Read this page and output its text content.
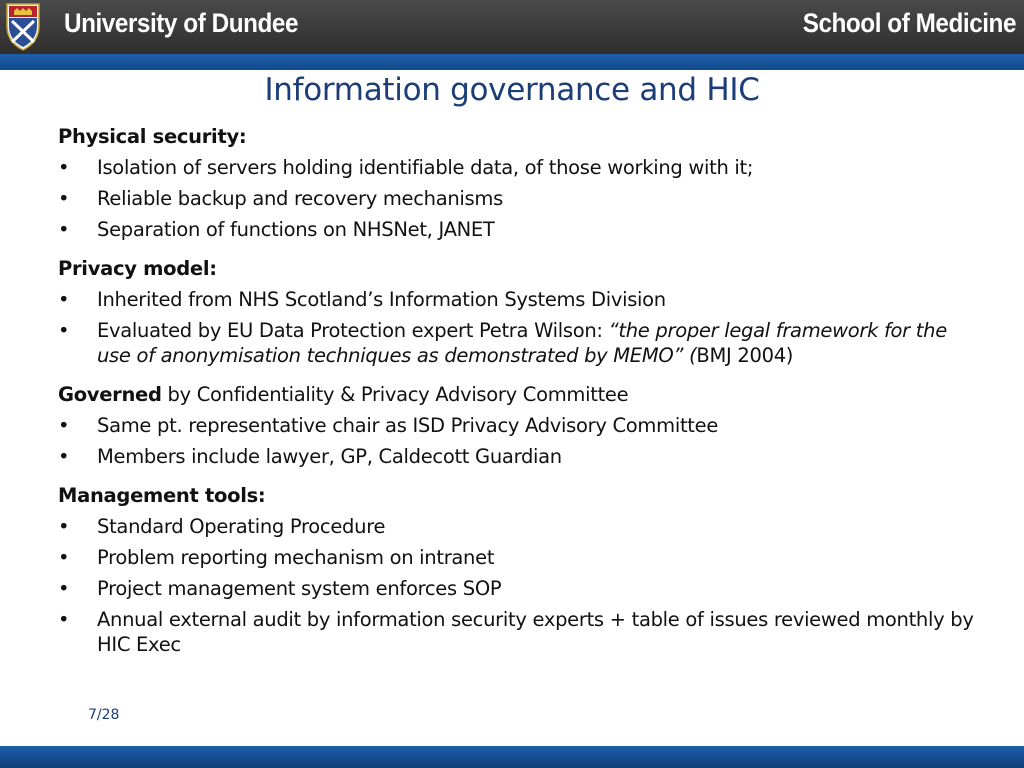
University of Dundee	School of Medicine
Information governance and HIC
Physical security:
• Isolation of servers holding identifiable data, of those working with it;
• Reliable backup and recovery mechanisms
• Separation of functions on NHSNet, JANET
Privacy model:
• Inherited from NHS Scotland’s Information Systems Division
• Evaluated by EU Data Protection expert Petra Wilson: “the proper legal framework for the use of anonymisation techniques as demonstrated by MEMO” (BMJ 2004)
Governed by Confidentiality & Privacy Advisory Committee
• Same pt. representative chair as ISD Privacy Advisory Committee
• Members include lawyer, GP, Caldecott Guardian
Management tools:
• Standard Operating Procedure
• Problem reporting mechanism on intranet
• Project management system enforces SOP
• Annual external audit by information security experts + table of issues reviewed monthly by HIC Exec
7/28
